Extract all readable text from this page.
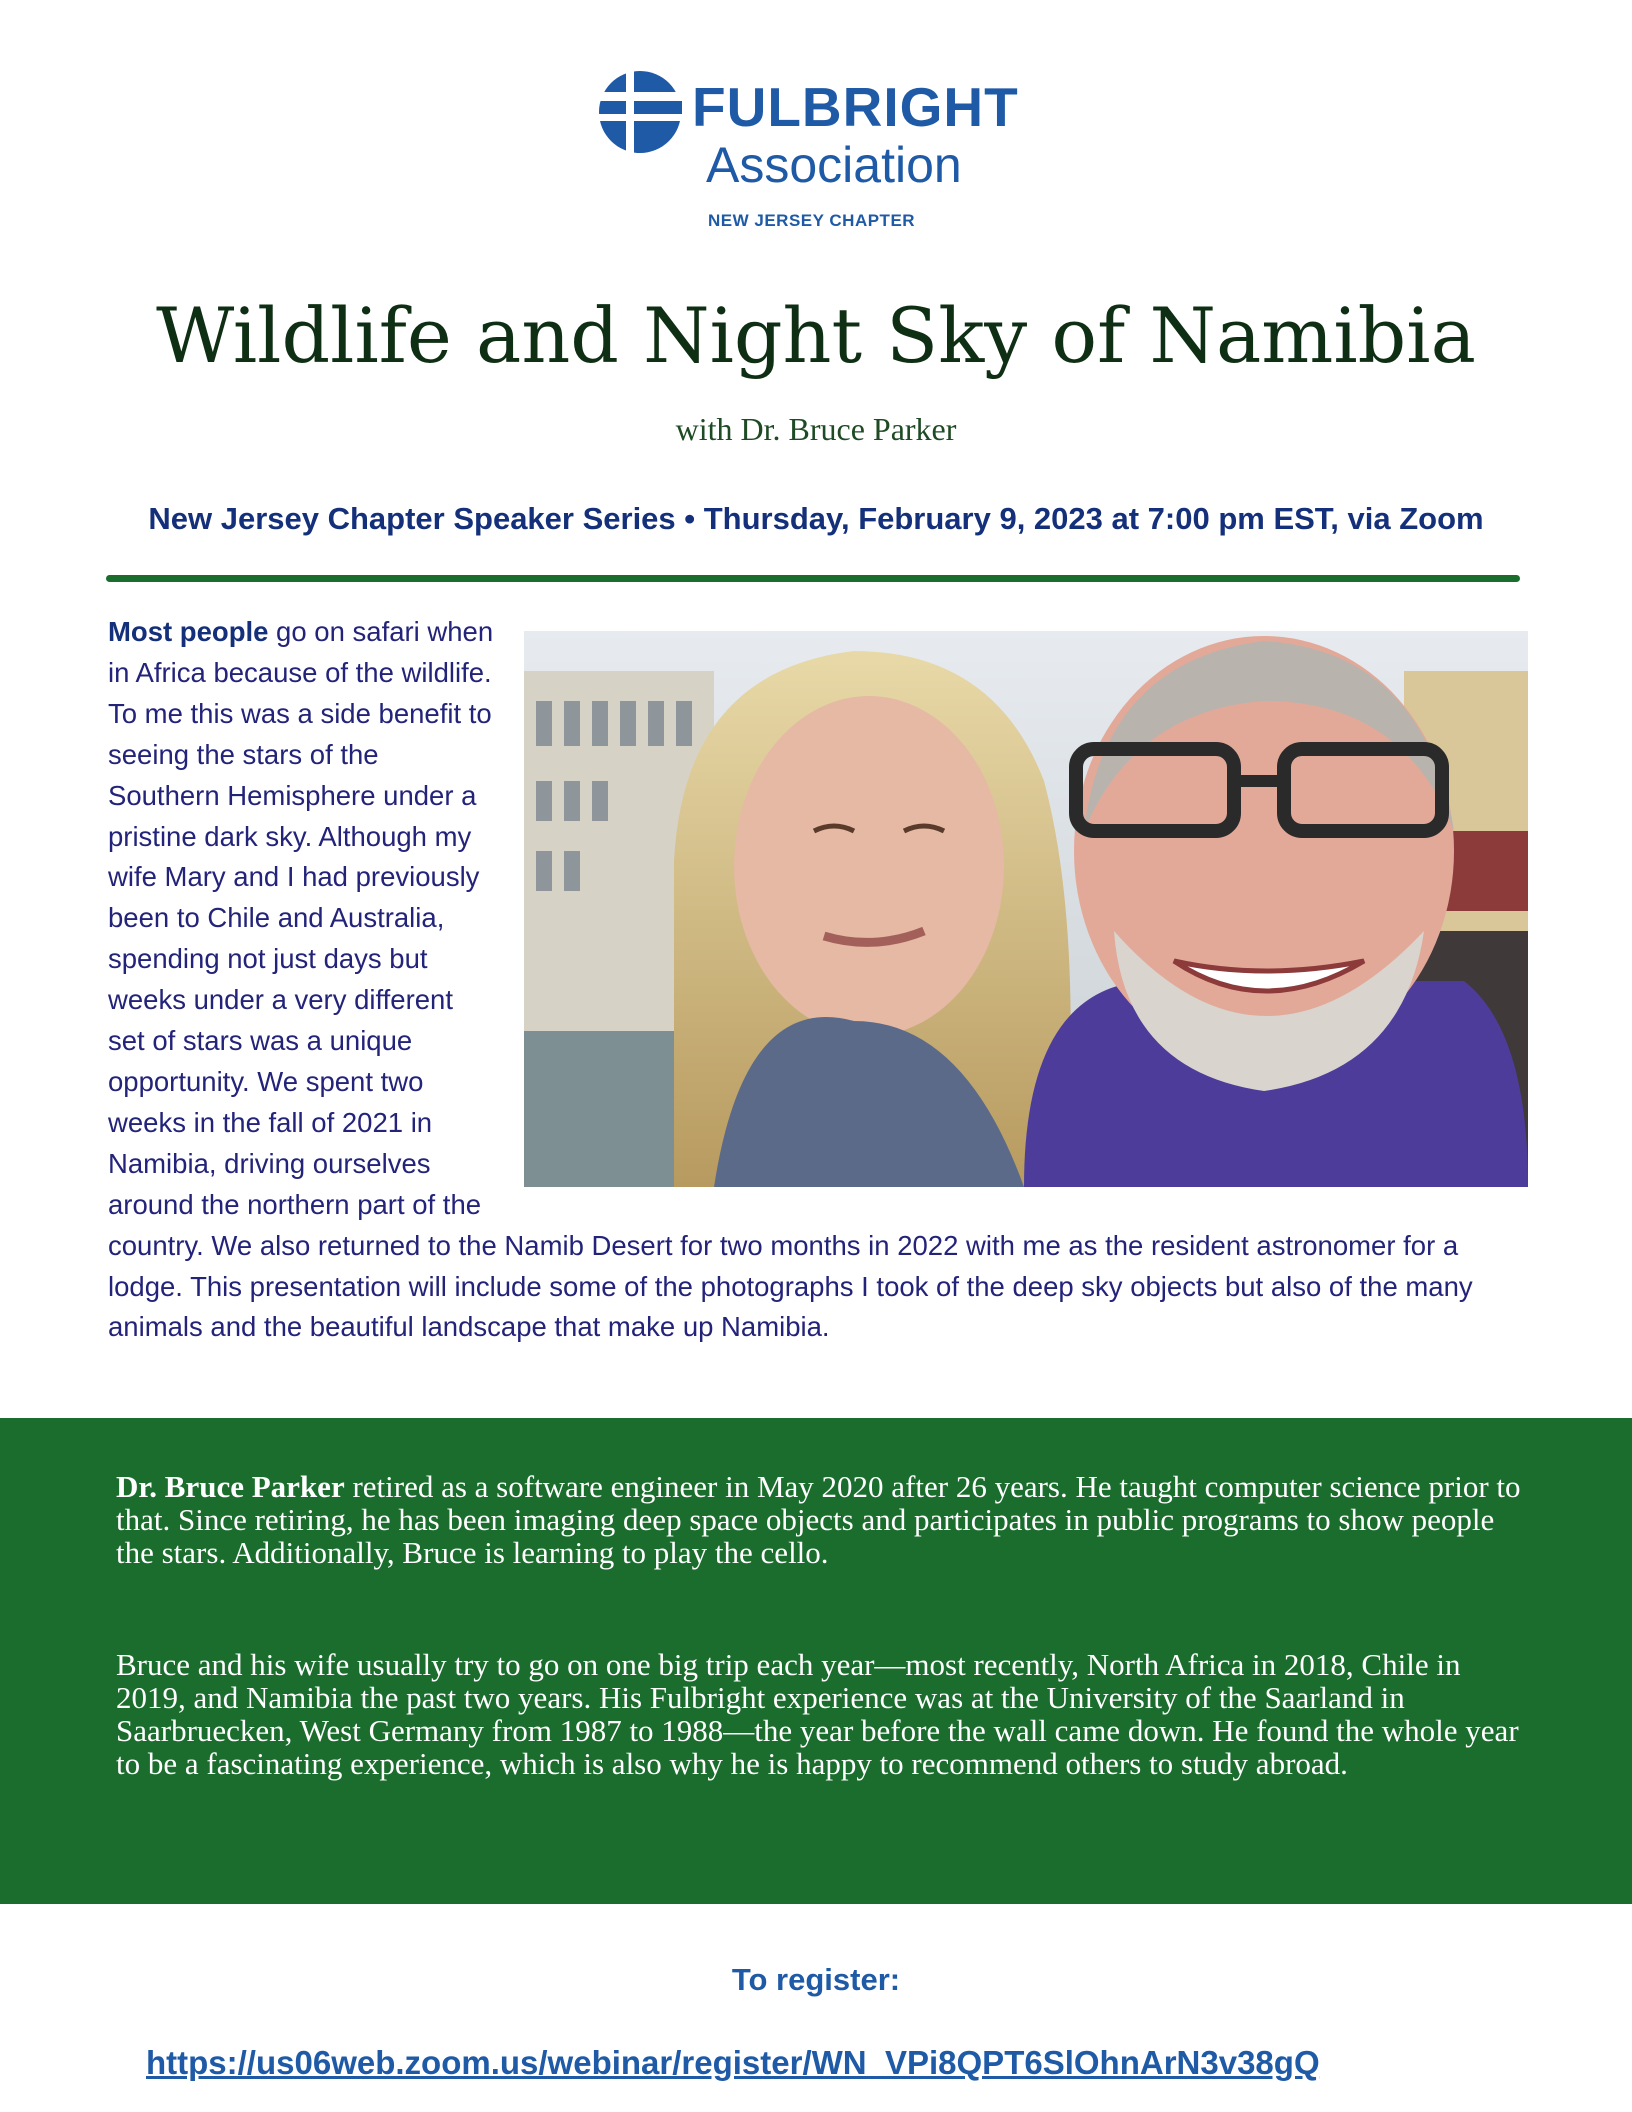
FULBRIGHT
Association
NEW JERSEY CHAPTER
Wildlife and Night Sky of Namibia
with Dr. Bruce Parker
New Jersey Chapter Speaker Series • Thursday, February 9, 2023 at 7:00 pm EST, via Zoom

Most people go on safari when in Africa because of the wildlife. To me this was a side benefit to seeing the stars of the Southern Hemisphere under a pristine dark sky. Although my wife Mary and I had previously been to Chile and Australia, spending not just days but weeks under a very different set of stars was a unique opportunity. We spent two weeks in the fall of 2021 in Namibia, driving ourselves around the northern part of the country. We also returned to the Namib Desert for two months in 2022 with me as the resident astronomer for a lodge. This presentation will include some of the photographs I took of the deep sky objects but also of the many animals and the beautiful landscape that make up Namibia.

Dr. Bruce Parker retired as a software engineer in May 2020 after 26 years. He taught computer science prior to that. Since retiring, he has been imaging deep space objects and participates in public programs to show people the stars. Additionally, Bruce is learning to play the cello.

Bruce and his wife usually try to go on one big trip each year—most recently, North Africa in 2018, Chile in 2019, and Namibia the past two years. His Fulbright experience was at the University of the Saarland in Saarbruecken, West Germany from 1987 to 1988—the year before the wall came down. He found the whole year to be a fascinating experience, which is also why he is happy to recommend others to study abroad.

To register:
https://us06web.zoom.us/webinar/register/WN_VPi8QPT6SlOhnArN3v38gQ
